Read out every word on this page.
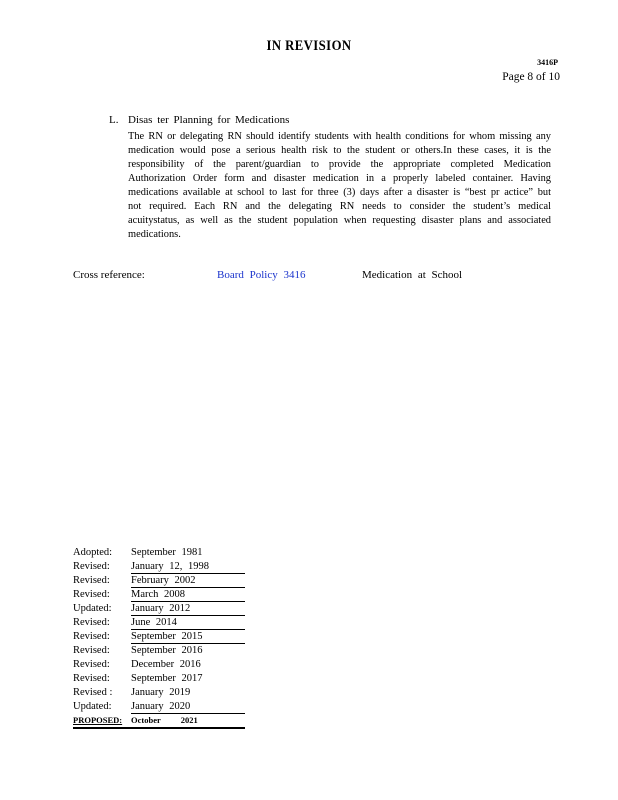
IN REVISION
3416P
Page 8 of 10
L. Disas ter Planning for Medications
The RN or delegating RN should identify students with health conditions for whom missing any medication would pose a serious health risk to the student or others.In these cases, it is the responsibility of the parent/guardian to provide the appropriate completed Medication Authorization Order form and disaster medication in a properly labeled container. Having medications available at school to last for three (3) days after a disaster is “best pr actice” but not required. Each RN and the delegating RN needs to consider the student’s medical acuitystatus, as well as the student population when requesting disaster plans and associated medications.
Cross reference:	Board Policy 3416	Medication at School
Adopted: September 1981
Revised: January 12, 1998
Revised: February 2002
Revised: March 2008
Updated: January 2012
Revised: June 2014
Revised: September 2015
Revised: September 2016
Revised: December 2016
Revised: September 2017
Revised : January 2019
Updated: January 2020
PROPOSED: October 2021
